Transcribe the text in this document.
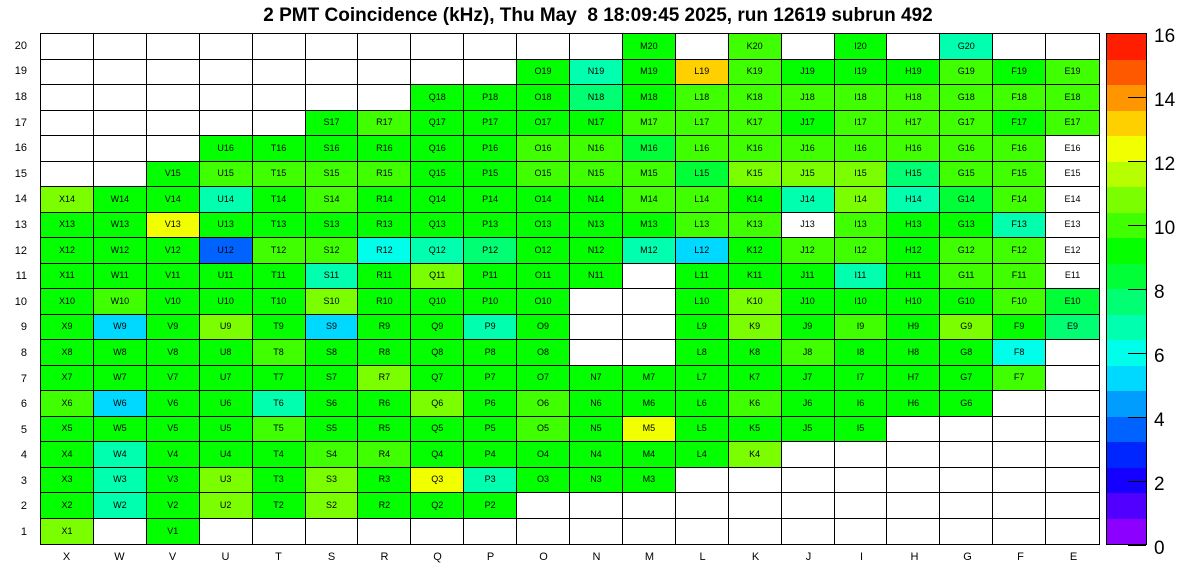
2 PMT Coincidence (kHz), Thu May  8 18:09:45 2025, run 12619 subrun 492
20
19
18
17
16
15
14
13
12
11
10
9
8
7
6
5
4
3
2
1
M20	K20	I20	G20
O19	N19	M19	L19	K19	J19	I19	H19	G19	F19	E19
Q18	P18	O18	N18	M18	L18	K18	J18	I18	H18	G18	F18	E18
S17	R17	Q17	P17	O17	N17	M17	L17	K17	J17	I17	H17	G17	F17	E17
U16	T16	S16	R16	Q16	P16	O16	N16	M16	L16	K16	J16	I16	H16	G16	F16	E16
V15	U15	T15	S15	R15	Q15	P15	O15	N15	M15	L15	K15	J15	I15	H15	G15	F15	E15
X14	W14	V14	U14	T14	S14	R14	Q14	P14	O14	N14	M14	L14	K14	J14	I14	H14	G14	F14	E14
X13	W13	V13	U13	T13	S13	R13	Q13	P13	O13	N13	M13	L13	K13	J13	I13	H13	G13	F13	E13
X12	W12	V12	U12	T12	S12	R12	Q12	P12	O12	N12	M12	L12	K12	J12	I12	H12	G12	F12	E12
X11	W11	V11	U11	T11	S11	R11	Q11	P11	O11	N11	L11	K11	J11	I11	H11	G11	F11	E11
X10	W10	V10	U10	T10	S10	R10	Q10	P10	O10	L10	K10	J10	I10	H10	G10	F10	E10
X9	W9	V9	U9	T9	S9	R9	Q9	P9	O9	L9	K9	J9	I9	H9	G9	F9	E9
X8	W8	V8	U8	T8	S8	R8	Q8	P8	O8	L8	K8	J8	I8	H8	G8	F8
X7	W7	V7	U7	T7	S7	R7	Q7	P7	O7	N7	M7	L7	K7	J7	I7	H7	G7	F7
X6	W6	V6	U6	T6	S6	R6	Q6	P6	O6	N6	M6	L6	K6	J6	I6	H6	G6
X5	W5	V5	U5	T5	S5	R5	Q5	P5	O5	N5	M5	L5	K5	J5	I5
X4	W4	V4	U4	T4	S4	R4	Q4	P4	O4	N4	M4	L4	K4
X3	W3	V3	U3	T3	S3	R3	Q3	P3	O3	N3	M3
X2	W2	V2	U2	T2	S2	R2	Q2	P2
X1	V1
X	W	V	U	T	S	R	Q	P	O	N	M	L	K	J	I	H	G	F	E	0
2
4
6
8
10
12
14
16
